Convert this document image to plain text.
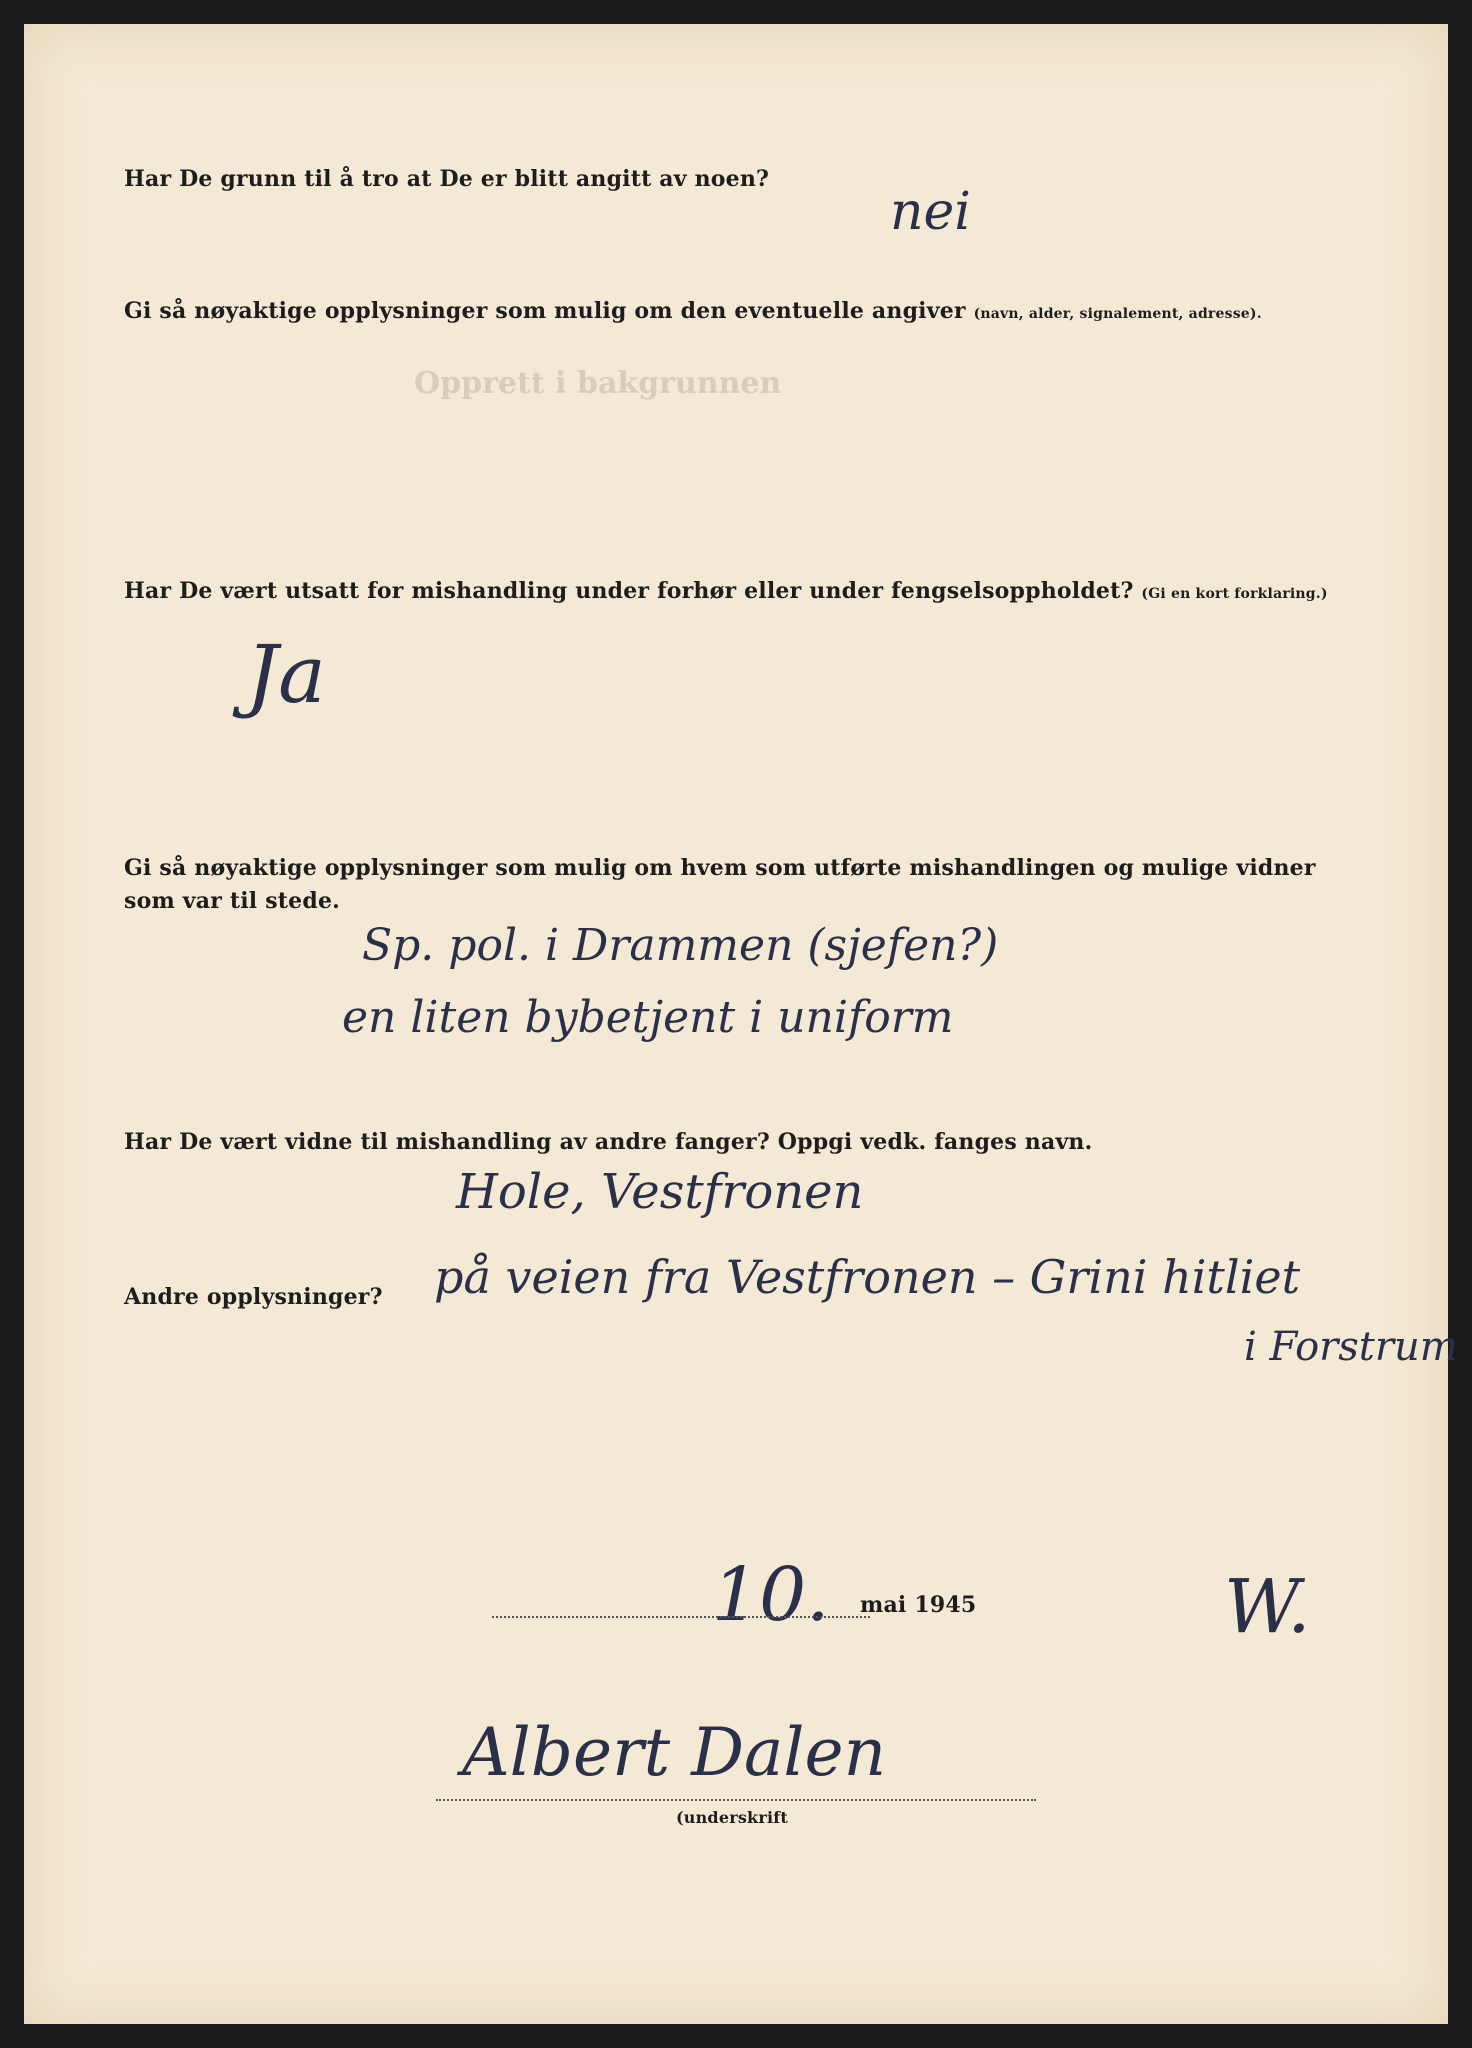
Opprett i bakgrunnen
Har De grunn til å tro at De er blitt angitt av noen?
nei
Gi så nøyaktige opplysninger som mulig om den eventuelle angiver (navn, alder, signalement, adresse).
Har De vært utsatt for mishandling under forhør eller under fengselsoppholdet? (Gi en kort forklaring.)
Ja
Gi så nøyaktige opplysninger som mulig om hvem som utførte mishandlingen og mulige vidner
som var til stede.
Sp. pol. i Drammen (sjefen?)
en liten bybetjent i uniform
Har De vært vidne til mishandling av andre fanger? Oppgi vedk. fanges navn.
Hole, Vestfronen
Andre opplysninger? på veien fra Vestfronen – Grini hitliet
i Forstrum
10. mai 1945	W.
Albert Dalen
(underskrift
